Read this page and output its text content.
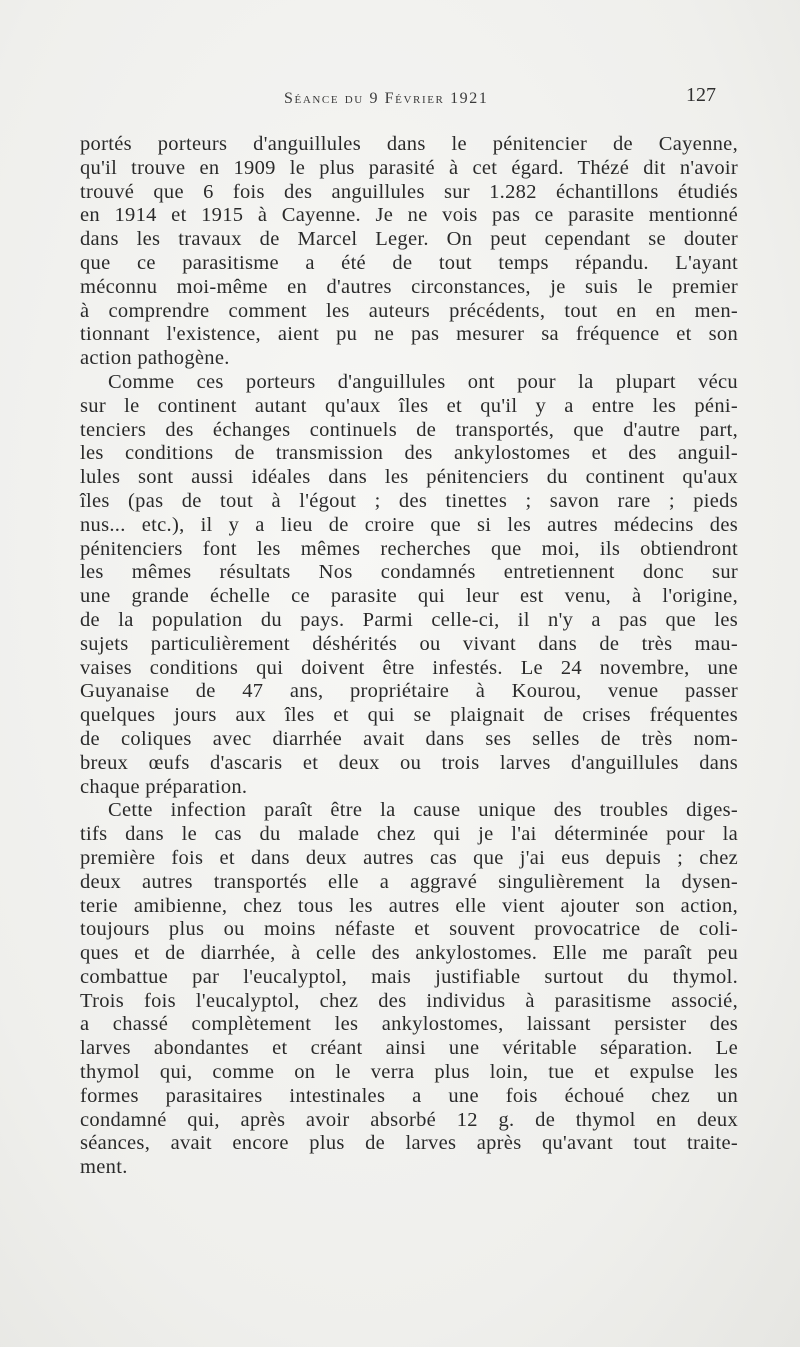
Séance du 9 Février 1921	127
portés porteurs d'anguillules dans le pénitencier de Cayenne,
qu'il trouve en 1909 le plus parasité à cet égard. Thézé dit n'avoir
trouvé que 6 fois des anguillules sur 1.282 échantillons étudiés
en 1914 et 1915 à Cayenne. Je ne vois pas ce parasite mentionné
dans les travaux de Marcel Leger. On peut cependant se douter
que ce parasitisme a été de tout temps répandu. L'ayant
méconnu moi-même en d'autres circonstances, je suis le premier
à comprendre comment les auteurs précédents, tout en en men-
tionnant l'existence, aient pu ne pas mesurer sa fréquence et son
action pathogène.
Comme ces porteurs d'anguillules ont pour la plupart vécu
sur le continent autant qu'aux îles et qu'il y a entre les péni-
tenciers des échanges continuels de transportés, que d'autre part,
les conditions de transmission des ankylostomes et des anguil-
lules sont aussi idéales dans les pénitenciers du continent qu'aux
îles (pas de tout à l'égout ; des tinettes ; savon rare ; pieds
nus... etc.), il y a lieu de croire que si les autres médecins des
pénitenciers font les mêmes recherches que moi, ils obtiendront
les mêmes résultats Nos condamnés entretiennent donc sur
une grande échelle ce parasite qui leur est venu, à l'origine,
de la population du pays. Parmi celle-ci, il n'y a pas que les
sujets particulièrement déshérités ou vivant dans de très mau-
vaises conditions qui doivent être infestés. Le 24 novembre, une
Guyanaise de 47 ans, propriétaire à Kourou, venue passer
quelques jours aux îles et qui se plaignait de crises fréquentes
de coliques avec diarrhée avait dans ses selles de très nom-
breux œufs d'ascaris et deux ou trois larves d'anguillules dans
chaque préparation.
Cette infection paraît être la cause unique des troubles diges-
tifs dans le cas du malade chez qui je l'ai déterminée pour la
première fois et dans deux autres cas que j'ai eus depuis ; chez
deux autres transportés elle a aggravé singulièrement la dysen-
terie amibienne, chez tous les autres elle vient ajouter son action,
toujours plus ou moins néfaste et souvent provocatrice de coli-
ques et de diarrhée, à celle des ankylostomes. Elle me paraît peu
combattue par l'eucalyptol, mais justifiable surtout du thymol.
Trois fois l'eucalyptol, chez des individus à parasitisme associé,
a chassé complètement les ankylostomes, laissant persister des
larves abondantes et créant ainsi une véritable séparation. Le
thymol qui, comme on le verra plus loin, tue et expulse les
formes parasitaires intestinales a une fois échoué chez un
condamné qui, après avoir absorbé 12 g. de thymol en deux
séances, avait encore plus de larves après qu'avant tout traite-
ment.
